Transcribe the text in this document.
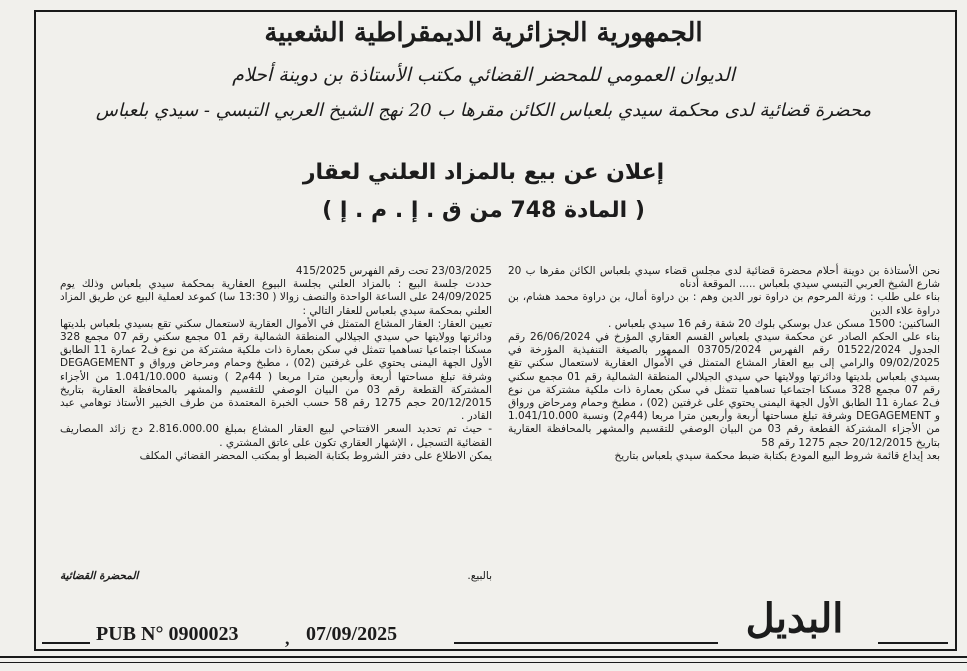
الجمهورية الجزائرية الديمقراطية الشعبية
الديوان العمومي للمحضر القضائي مكتب الأستاذة بن دوينة أحلام
محضرة قضائية لدى محكمة سيدي بلعباس الكائن مقرها ب 20 نهج الشيخ العربي التبسي - سيدي بلعباس
إعلان عن بيع بالمزاد العلني لعقار
( المادة 748 من ق . إ . م . إ )

نحن الأستاذة بن دوينة أحلام محضرة قضائية لدى مجلس قضاء سيدي بلعباس الكائن مقرها ب 20 شارع الشيخ العربي التبسي سيدي بلعباس ..... الموقعة أدناه

بناء على طلب : ورثة المرحوم بن دراوة نور الدين وهم : بن دراوة أمال، بن دراوة محمد هشام، بن دراوة علاء الدين

الساكنين: 1500 مسكن عدل بوسكي بلوك 20 شقة رقم 16 سيدي بلعباس .

بناء على الحكم الصادر عن محكمة سيدي بلعباس القسم العقاري المؤرخ في 26/06/2024 رقم الجدول 01522/2024 رقم الفهرس 03705/2024 الممهور بالصيغة التنفيذية المؤرخة في 09/02/2025 والرامي إلى بيع العقار المشاع المتمثل في الأموال العقارية لاستعمال سكني تقع بسيدي بلعباس بلديتها ودائرتها وولايتها حي سيدي الجيلالي المنطقة الشمالية رقم 01 مجمع سكني رقم 07 مجمع 328 مسكنا اجتماعيا تساهميا تتمثل في سكن بعمارة ذات ملكية مشتركة من نوع ف2 عمارة 11 الطابق الأول الجهة اليمنى يحتوي على غرفتين (02) ، مطبخ وحمام ومرحاض ورواق و DEGAGEMENT وشرفة تبلغ مساحتها أربعة وأربعين مترا مربعا (44م2) ونسبة 1.041/10.000 من الأجزاء المشتركة القطعة رقم 03 من البيان الوصفي للتقسيم والمشهر بالمحافظة العقارية بتاريخ 20/12/2015 حجم 1275 رقم 58

بعد إيداع قائمة شروط البيع المودع بكتابة ضبط محكمة سيدي بلعباس بتاريخ

23/03/2025 تحت رقم الفهرس 415/2025

حددت جلسة البيع : بالمزاد العلني بجلسة البيوع العقارية بمحكمة سيدي بلعباس وذلك يوم 24/09/2025 على الساعة الواحدة والنصف زوالا ( 13:30 سا) كموعد لعملية البيع عن طريق المزاد العلني بمحكمة سيدي بلعباس للعقار التالي :

تعيين العقار: العقار المشاع المتمثل في الأموال العقارية لاستعمال سكني تقع بسيدي بلعباس بلديتها ودائرتها وولايتها حي سيدي الجيلالي المنطقة الشمالية رقم 01 مجمع سكني رقم 07 مجمع 328 مسكنا اجتماعيا تساهميا تتمثل في سكن بعمارة ذات ملكية مشتركة من نوع ف2 عمارة 11 الطابق الأول الجهة اليمنى يحتوي على غرفتين (02) ، مطبخ وحمام ومرحاض ورواق و DEGAGEMENT وشرفة تبلغ مساحتها أربعة وأربعين مترا مربعا ( 44م2 ) ونسبة 1.041/10.000 من الأجزاء المشتركة القطعة رقم 03 من البيان الوصفي للتقسيم والمشهر بالمحافظة العقارية بتاريخ 20/12/2015 حجم 1275 رقم 58 حسب الخبرة المعتمدة من طرف الخبير الأستاذ توهامي عبد القادر .

- حيث تم تحديد السعر الافتتاحي لبيع العقار المشاع بمبلغ 2.816.000.00 دج زائد المصاريف القضائية التسجيل ، الإشهار العقاري تكون على عاتق المشتري .

يمكن الاطلاع على دفتر الشروط بكتابة الضبط أو بمكتب المحضر القضائي المكلف

بالبيع.
المحضرة القضائية
PUB N° 0900023	, 07/09/2025	البديل
